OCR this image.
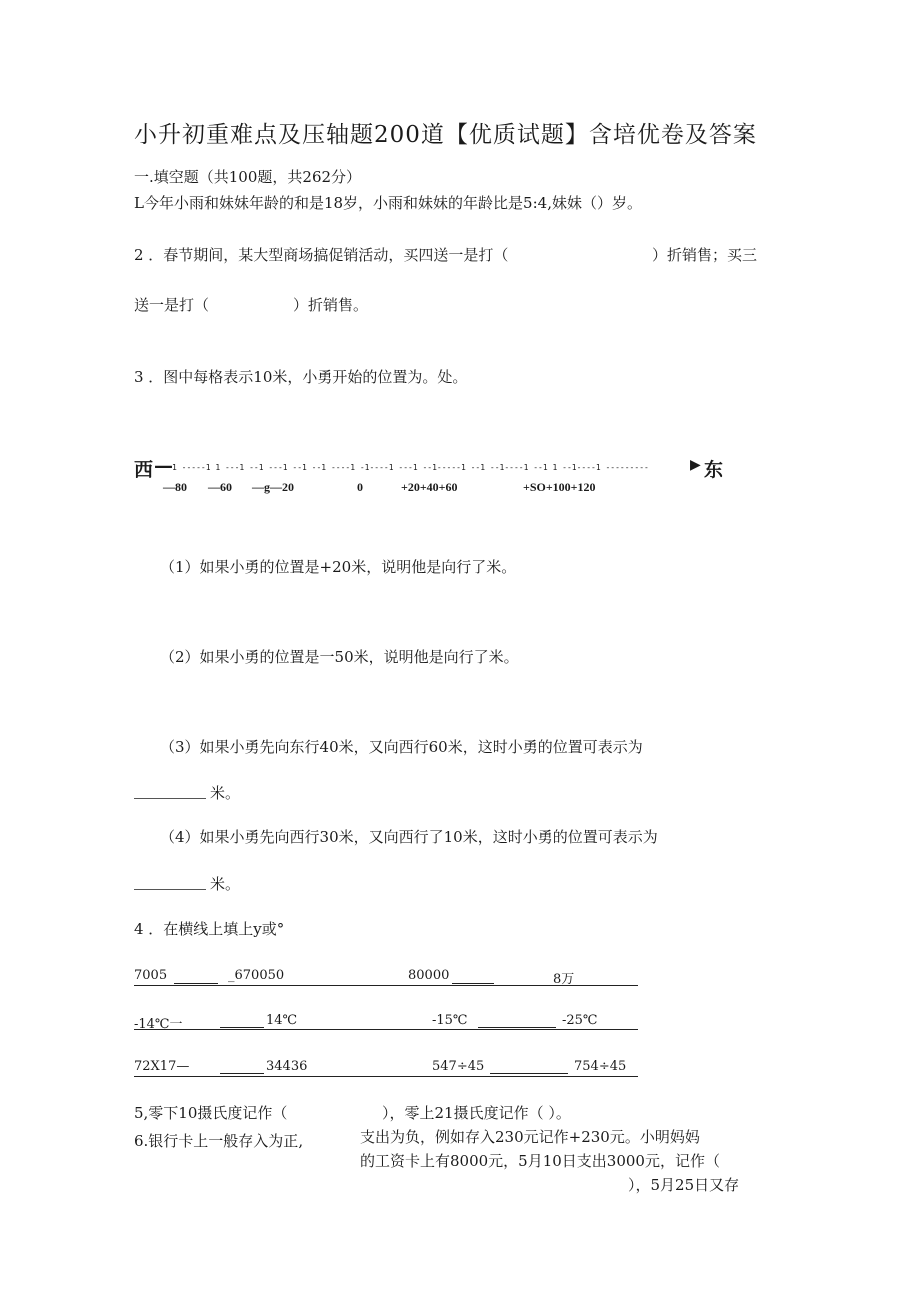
小升初重难点及压轴题200道【优质试题】含培优卷及答案
一.填空题（共100题，共262分）
L今年小雨和妹妹年龄的和是18岁，小雨和妹妹的年龄比是5:4,妹妹（）岁。
2 ．春节期间，某大型商场搞促销活动，买四送一是打（	）折销售；买三
送一是打（	）折销售。
3 ．图中每格表示10米，小勇开始的位置为。处。
西 — 1 -----1 1 ---1 --1 ---1 --1 --1 ----1 -1----1 ---1 --1-----1 --1 --1----1 --1 1 --1----1 ---------	▶ 东
—80 —60 —g—20	0	+20+40+60	+SO+100+120
（1）如果小勇的位置是+20米，说明他是向行了米。
（2）如果小勇的位置是一50米，说明他是向行了米。
（3）如果小勇先向东行40米，又向西行60米，这时小勇的位置可表示为
米。
（4）如果小勇先向西行30米，又向西行了10米，这时小勇的位置可表示为
米。
4 ．在横线上填上y或°
7005	_670050	80000	8万
-14℃一	14℃	-15℃	-25℃
72X17—	34436	547÷45	754÷45
5,零下10摄氏度记作（	），零上21摄氏度记作（ ）。
6.银行卡上一般存入为正,	支出为负，例如存入230元记作+230元。小明妈妈
的工资卡上有8000元，5月10日支出3000元，记作（
），5月25日又存
